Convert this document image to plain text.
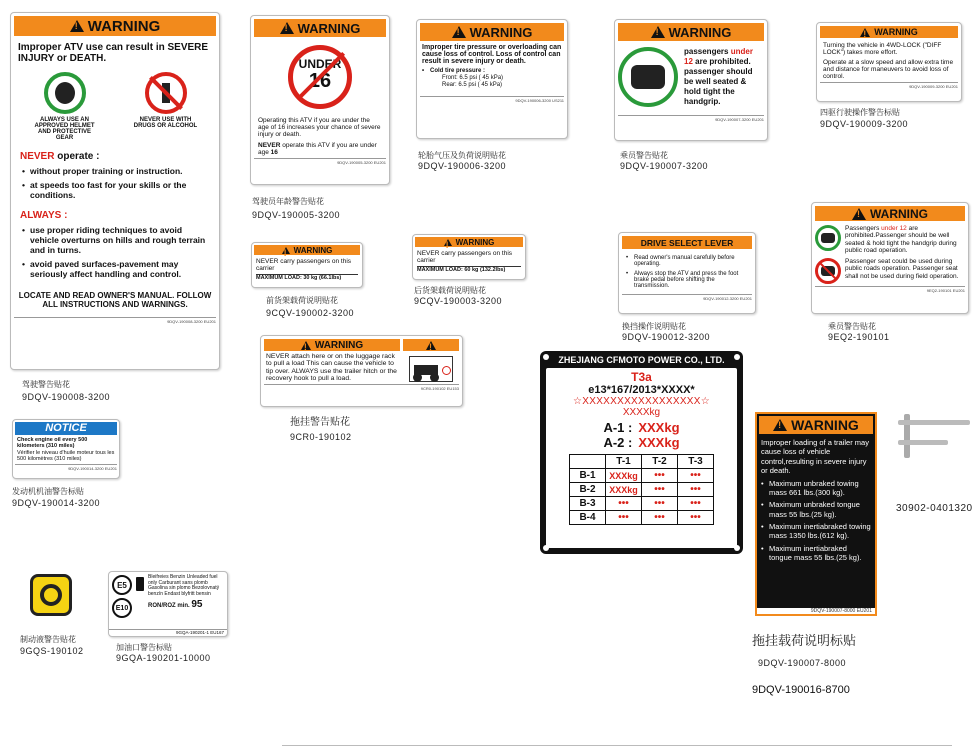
!
WARNING
Improper ATV use can result in SEVERE INJURY or DEATH.
ALWAYS USE AN APPROVED HELMET AND PROTECTIVE GEAR
NEVER USE WITH DRUGS OR ALCOHOL
NEVER operate :
• without proper training or instruction.
• at speeds too fast for your skills or the conditions.
ALWAYS :
• use proper riding techniques to avoid vehicle overturns on hills and rough terrain and in turns.
• avoid paved surfaces-pavement may seriously affect handling and control.
LOCATE AND READ OWNER'S MANUAL. FOLLOW ALL INSTRUCTIONS AND WARNINGS.
9DQV-190008-3200 EU201
驾驶警告贴花
9DQV-190008-3200
!
WARNING
UNDER
16
Operating this ATV if you are under the age of 16 increases your chance of severe injury or death.
NEVER operate this ATV if you are under age 16
9DQV-190005-3200 EU201
驾驶员年龄警告贴花
9DQV-190005-3200
!
WARNING
Improper tire pressure or overloading can cause loss of control. Loss of control can result in severe injury or death.
• Cold tire pressure :
Front: 6.5 psi ( 45 kPa)
Rear: 6.5 psi ( 45 kPa)
9DQV-190006-3200 US211
轮胎气压及负荷说明贴花
9DQV-190006-3200
!
WARNING
passengers under 12 are prohibited.
passenger should be well seated & hold tight the handgrip.
9DQV-190007-3200 EU201
乘员警告贴花
9DQV-190007-3200
!
WARNING
Turning the vehicle in 4WD-LOCK ("DIFF LOCK") takes more effort.
Operate at a slow speed and allow extra time and distance for maneuvers to avoid loss of control.
9DQV-190009-3200 EU201
四驱行驶操作警告标贴
9DQV-190009-3200
!
WARNING
NEVER carry passengers on this carrier
MAXIMUM LOAD: 30 kg (66.1lbs)
前货架载荷说明贴花
9CQV-190002-3200
!
WARNING
NEVER carry passengers on this carrier
MAXIMUM LOAD: 60 kg (132.2lbs)
后货架载荷说明贴花
9CQV-190003-3200
DRIVE SELECT LEVER
• Read owner's manual carefully before operating.
• Always stop the ATV and press the foot brake pedal before shifting the transmission.
9DQV-190012-3200 EU201
换挡操作说明贴花
9DQV-190012-3200
!
WARNING
Passengers under 12 are prohibited.Passenger should be well seated & hold tight the handgrip during public road operation.
Passenger seat could be used during public roads operation. Passenger seat shall not be used during field operation.
9EQ2-190101 EU201
乘员警告贴花
9EQ2-190101
!
WARNING
NEVER attach here or on the luggage rack to pull a load This can cause the vehicle to tip over. ALWAYS use the trailer hitch or the recovery hook to pull a load.
!
9CR0-190102 EU153
拖挂警告贴花
9CR0-190102
ZHEJIANG CFMOTO POWER CO., LTD.
T3a
e13*167/2013*XXXX*
☆XXXXXXXXXXXXXXXXX☆
XXXXkg
A-1 : XXXkg
A-2 : XXXkg
	T-1	T-2	T-3
B-1	XXXkg	•••	•••
B-2	XXXkg	•••	•••
B-3	•••	•••	•••
B-4	•••	•••	•••
6HYN-190011-4000 EU211
NOTICE
Check engine oil every 500 kilometers (310 miles)
Vérifier le niveau d'huile moteur tous les 500 kilomètres (310 miles)
9DQV-190014-3200 EU201
发动机机油警告标贴
9DQV-190014-3200
!
WARNING
Improper loading of a trailer may cause loss of vehicle control,resulting in severe injury or death.
• Maximum unbraked towing mass 661 lbs.(300 kg).
• Maximum unbraked tongue mass 55 lbs.(25 kg).
• Maximum inertiabraked towing mass 1350 lbs.(612 kg).
• Maximum inertiabraked tongue mass 55 lbs.(25 kg).
9DQV-190007-8000 EU201
拖挂载荷说明标贴
9DQV-190007-8000
9DQV-190016-8700
30902-0401320
制动液警告贴花
9GQS-190102
E5
E10
Bleifreies Benzin Unleaded fuel only Carburant sans plomb Gasolina sin plomo Bezolovnatý benzín Endast blyfritt bensin
RON/ROZ min. 95
9GQA-190201-1 EU167
加油口警告标贴
9GQA-190201-10000
